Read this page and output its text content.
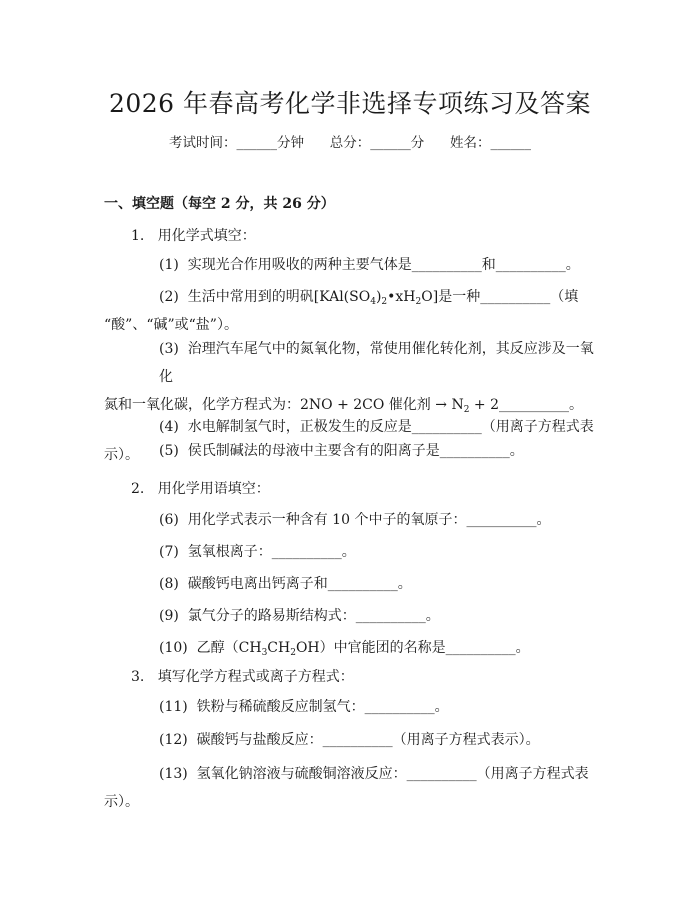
2026 年春高考化学非选择专项练习及答案
考试时间：______分钟      总分：______分      姓名：______
一、填空题（每空 2 分，共 26 分）
1.   用化学式填空：
(1)  实现光合作用吸收的两种主要气体是__________和__________。
(2)  生活中常用到的明矾$[KAl(SO_4)_2•xH_2O]$是一种__________（填
“酸”、“碱”或“盐”）。
(3)  治理汽车尾气中的氮氧化物，常使用催化转化剂，其反应涉及一氧化
氮和一氧化碳，化学方程式为：2NO + 2CO 催化剂 → $N_2$ + 2__________。
(4)  水电解制氢气时，正极发生的反应是__________（用离子方程式表
示）。	(5)  侯氏制碱法的母液中主要含有的阳离子是__________。
2.   用化学用语填空：
(6)  用化学式表示一种含有 10 个中子的氧原子：__________。
(7)  氢氧根离子：__________。
(8)  碳酸钙电离出钙离子和__________。
(9)  氯气分子的路易斯结构式：__________。
(10)  乙醇$(CH_3CH_2OH)$中官能团的名称是__________。
3.   填写化学方程式或离子方程式：
(11)  铁粉与稀硫酸反应制氢气：__________。
(12)  碳酸钙与盐酸反应：__________（用离子方程式表示）。
(13)  氢氧化钠溶液与硫酸铜溶液反应：__________（用离子方程式表
示）。
